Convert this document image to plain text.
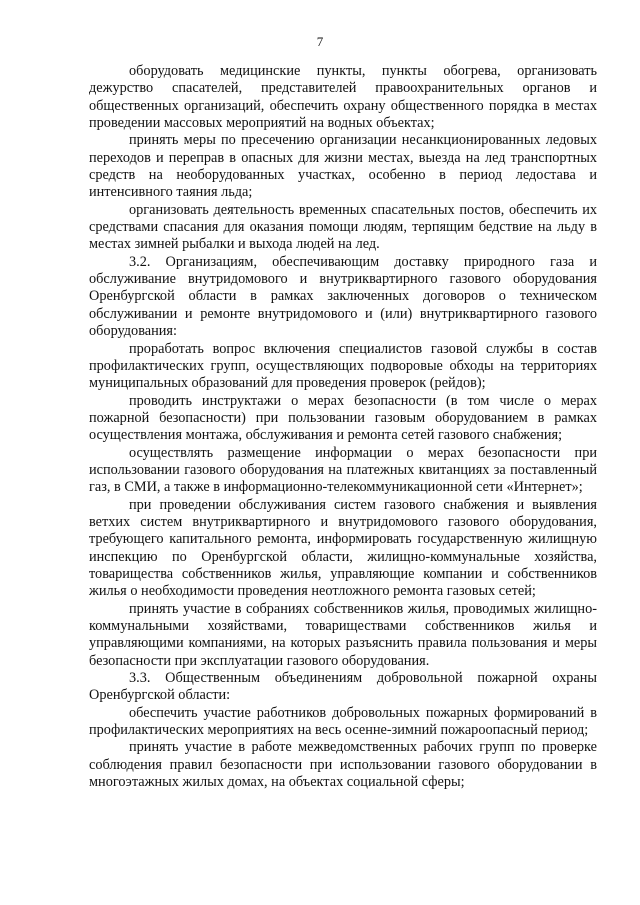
7

оборудовать медицинские пункты, пункты обогрева, организовать дежурство спасателей, представителей правоохранительных органов и общественных организаций, обеспечить охрану общественного порядка в местах проведении массовых мероприятий на водных объектах;

принять меры по пресечению организации несанкционированных ледовых переходов и переправ в опасных для жизни местах, выезда на лед транспортных средств на необорудованных участках, особенно в период ледостава и интенсивного таяния льда;

организовать деятельность временных спасательных постов, обеспечить их средствами спасания для оказания помощи людям, терпящим бедствие на льду в местах зимней рыбалки и выхода людей на лед.

3.2. Организациям, обеспечивающим доставку природного газа и обслуживание внутридомового и внутриквартирного газового оборудования Оренбургской области в рамках заключенных договоров о техническом обслуживании и ремонте внутридомового и (или) внутриквартирного газового оборудования:

проработать вопрос включения специалистов газовой службы в состав профилактических групп, осуществляющих подворовые обходы на территориях муниципальных образований для проведения проверок (рейдов);

проводить инструктажи о мерах безопасности (в том числе о мерах пожарной безопасности) при пользовании газовым оборудованием в рамках осуществления монтажа, обслуживания и ремонта сетей газового снабжения;

осуществлять размещение информации о мерах безопасности при использовании газового оборудования на платежных квитанциях за поставленный газ, в СМИ, а также в информационно-телекоммуникационной сети «Интернет»;

при проведении обслуживания систем газового снабжения и выявления ветхих систем внутриквартирного и внутридомового газового оборудования, требующего капитального ремонта, информировать государственную жилищную инспекцию по Оренбургской области, жилищно-коммунальные хозяйства, товарищества собственников жилья, управляющие компании и собственников жилья о необходимости проведения неотложного ремонта газовых сетей;

принять участие в собраниях собственников жилья, проводимых жилищно-коммунальными хозяйствами, товариществами собственников жилья и управляющими компаниями, на которых разъяснить правила пользования и меры безопасности при эксплуатации газового оборудования.

3.3. Общественным объединениям добровольной пожарной охраны Оренбургской области:

обеспечить участие работников добровольных пожарных формирований в профилактических мероприятиях на весь осенне-зимний пожароопасный период;

принять участие в работе межведомственных рабочих групп по проверке соблюдения правил безопасности при использовании газового оборудовании в многоэтажных жилых домах, на объектах социальной сферы;
